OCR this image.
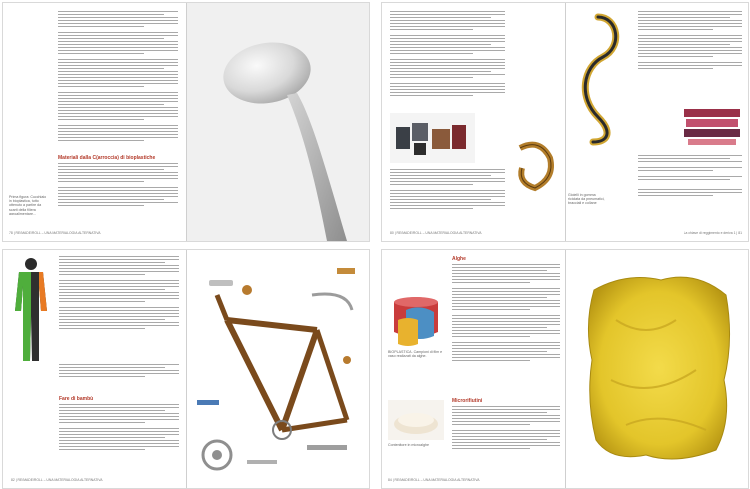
Materiali dalla C(arroccia) di bioplastiche
Prima figura: Cucchiaio in bioplastica, tutto ottenuto a partire da scarti della filiera agroalimentare...
78 | RE/MADE/ROLL – UNA MATERIALOGIA ALTERNATIVA	80 | RE/MADE/ROLL – UNA MATERIALOGIA ALTERNATIVA
Gioielli in gomma riciclata da pneumatici, bracciali e collane
La chiave di reggimento e deriva 1 | 81
Fare di bambù
82 | RE/MADE/ROLL – UNA MATERIALOGIA ALTERNATIVA
BIOPLASTICA. Campioni di film e vaso realizzati da alghe.
Contenitore in microalghe
Alghe
Microrifiutini
84 | RE/MADE/ROLL – UNA MATERIALOGIA ALTERNATIVA
